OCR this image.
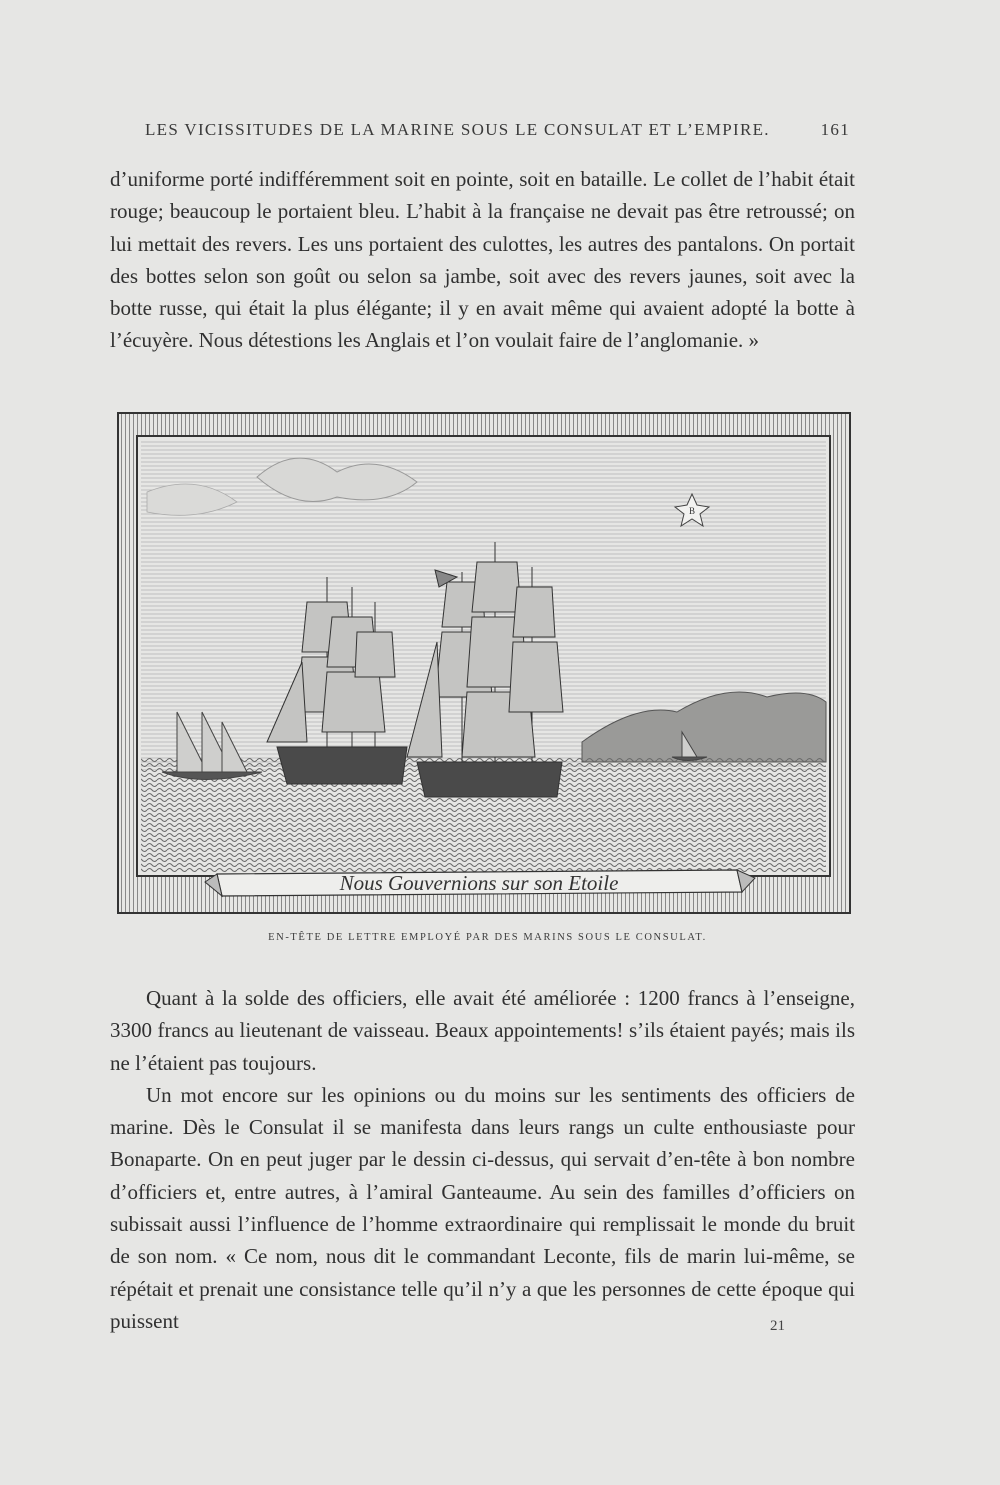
LES VICISSITUDES DE LA MARINE SOUS LE CONSULAT ET L’EMPIRE.	161

d’uniforme porté indifféremment soit en pointe, soit en bataille. Le collet de l’habit était rouge; beaucoup le portaient bleu. L’habit à la française ne devait pas être retroussé; on lui mettait des revers. Les uns portaient des culottes, les autres des pantalons. On portait des bottes selon son goût ou selon sa jambe, soit avec des revers jaunes, soit avec la botte russe, qui était la plus élégante; il y en avait même qui avaient adopté la botte à l’écuyère. Nous détestions les Anglais et l’on voulait faire de l’anglomanie. »

B
Nous Gouvernions sur son Etoile
EN-TÊTE DE LETTRE EMPLOYÉ PAR DES MARINS SOUS LE CONSULAT.

Quant à la solde des officiers, elle avait été améliorée : 1200 francs à l’enseigne, 3300 francs au lieutenant de vaisseau. Beaux appointements! s’ils étaient payés; mais ils ne l’étaient pas toujours.

Un mot encore sur les opinions ou du moins sur les sentiments des officiers de marine. Dès le Consulat il se manifesta dans leurs rangs un culte enthousiaste pour Bonaparte. On en peut juger par le dessin ci-dessus, qui servait d’en-tête à bon nombre d’officiers et, entre autres, à l’amiral Ganteaume. Au sein des familles d’officiers on subissait aussi l’influence de l’homme extraordinaire qui remplissait le monde du bruit de son nom. « Ce nom, nous dit le commandant Leconte, fils de marin lui-même, se répétait et prenait une consistance telle qu’il n’y a que les personnes de cette époque qui puissent	21
